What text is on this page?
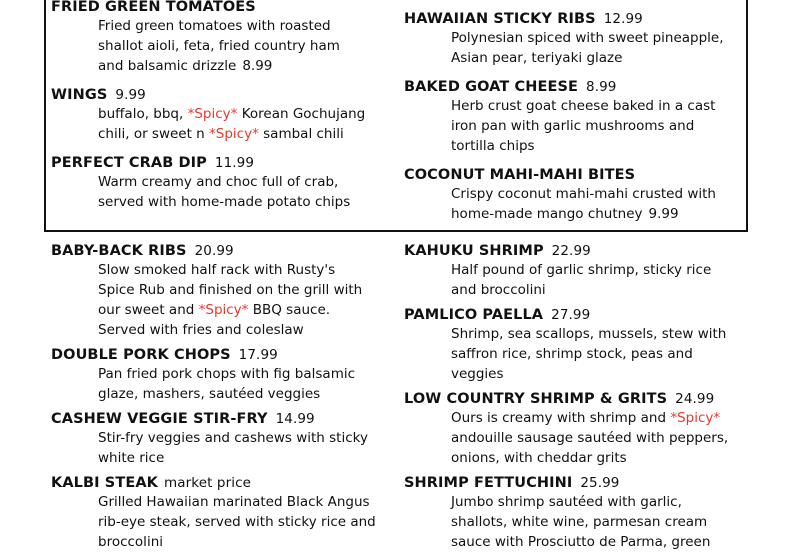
FRIED GREEN TOMATOES
Fried green tomatoes with roasted
shallot aioli, feta, fried country ham
and balsamic drizzle 8.99
WINGS 9.99
buffalo, bbq, *Spicy* Korean Gochujang
chili, or sweet n *Spicy* sambal chili
PERFECT CRAB DIP 11.99
Warm creamy and choc full of crab,
served with home-made potato chips
HAWAIIAN STICKY RIBS 12.99
Polynesian spiced with sweet pineapple,
Asian pear, teriyaki glaze
BAKED GOAT CHEESE 8.99
Herb crust goat cheese baked in a cast
iron pan with garlic mushrooms and
tortilla chips
COCONUT MAHI-MAHI BITES
Crispy coconut mahi-mahi crusted with
home-made mango chutney 9.99
BABY-BACK RIBS 20.99
Slow smoked half rack with Rusty's
Spice Rub and finished on the grill with
our sweet and *Spicy* BBQ sauce.
Served with fries and coleslaw
DOUBLE PORK CHOPS 17.99
Pan fried pork chops with fig balsamic
glaze, mashers, sautéed veggies
CASHEW VEGGIE STIR-FRY 14.99
Stir-fry veggies and cashews with sticky
white rice
KALBI STEAK market price
Grilled Hawaiian marinated Black Angus
rib-eye steak, served with sticky rice and
broccolini
KAHUKU SHRIMP 22.99
Half pound of garlic shrimp, sticky rice
and broccolini
PAMLICO PAELLA 27.99
Shrimp, sea scallops, mussels, stew with
saffron rice, shrimp stock, peas and
veggies
LOW COUNTRY SHRIMP & GRITS 24.99
Ours is creamy with shrimp and *Spicy*
andouille sausage sautéed with peppers,
onions, with cheddar grits
SHRIMP FETTUCHINI 25.99
Jumbo shrimp sautéed with garlic,
shallots, white wine, parmesan cream
sauce with Prosciutto de Parma, green
